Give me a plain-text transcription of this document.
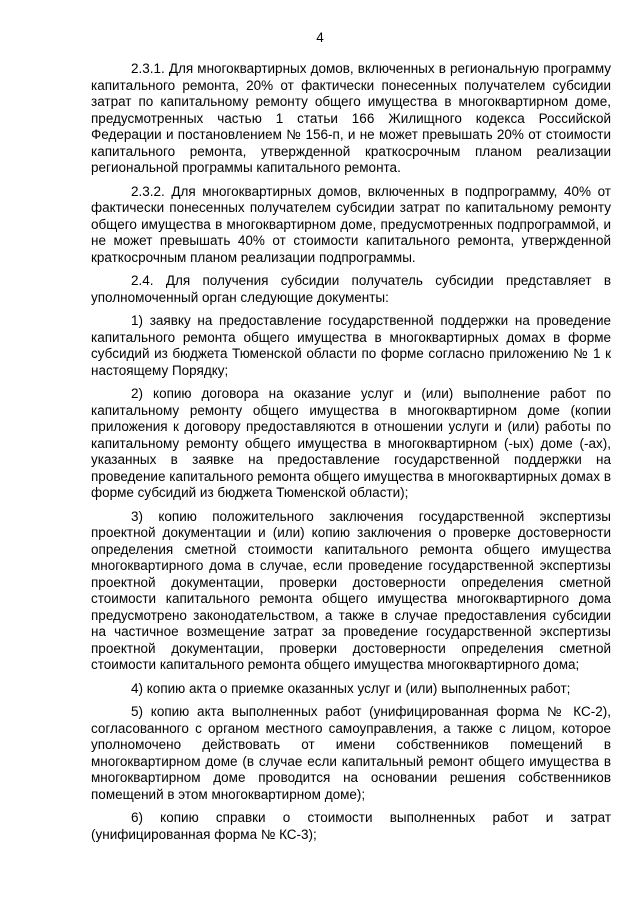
4

2.3.1. Для многоквартирных домов, включенных в региональную программу капитального ремонта, 20% от фактически понесенных получателем субсидии затрат по капитальному ремонту общего имущества в многоквартирном доме, предусмотренных частью 1 статьи 166 Жилищного кодекса Российской Федерации и постановлением № 156-п, и не может превышать 20% от стоимости капитального ремонта, утвержденной краткосрочным планом реализации региональной программы капитального ремонта.

2.3.2. Для многоквартирных домов, включенных в подпрограмму, 40% от фактически понесенных получателем субсидии затрат по капитальному ремонту общего имущества в многоквартирном доме, предусмотренных подпрограммой, и не может превышать 40% от стоимости капитального ремонта, утвержденной краткосрочным планом реализации подпрограммы.

2.4. Для получения субсидии получатель субсидии представляет в уполномоченный орган следующие документы:

1) заявку на предоставление государственной поддержки на проведение капитального ремонта общего имущества в многоквартирных домах в форме субсидий из бюджета Тюменской области по форме согласно приложению № 1 к настоящему Порядку;

2) копию договора на оказание услуг и (или) выполнение работ по капитальному ремонту общего имущества в многоквартирном доме (копии приложения к договору предоставляются в отношении услуги и (или) работы по капитальному ремонту общего имущества в многоквартирном (-ых) доме (-ах), указанных в заявке на предоставление государственной поддержки на проведение капитального ремонта общего имущества в многоквартирных домах в форме субсидий из бюджета Тюменской области);

3) копию положительного заключения государственной экспертизы проектной документации и (или) копию заключения о проверке достоверности определения сметной стоимости капитального ремонта общего имущества многоквартирного дома в случае, если проведение государственной экспертизы проектной документации, проверки достоверности определения сметной стоимости капитального ремонта общего имущества многоквартирного дома предусмотрено законодательством, а также в случае предоставления субсидии на частичное возмещение затрат за проведение государственной экспертизы проектной документации, проверки достоверности определения сметной стоимости капитального ремонта общего имущества многоквартирного дома;

4) копию акта о приемке оказанных услуг и (или) выполненных работ;

5) копию акта выполненных работ (унифицированная форма № КС-2), согласованного с органом местного самоуправления, а также с лицом, которое уполномочено действовать от имени собственников помещений в многоквартирном доме (в случае если капитальный ремонт общего имущества в многоквартирном доме проводится на основании решения собственников помещений в этом многоквартирном доме);

6) копию справки о стоимости выполненных работ и затрат (унифицированная форма № КС-3);
